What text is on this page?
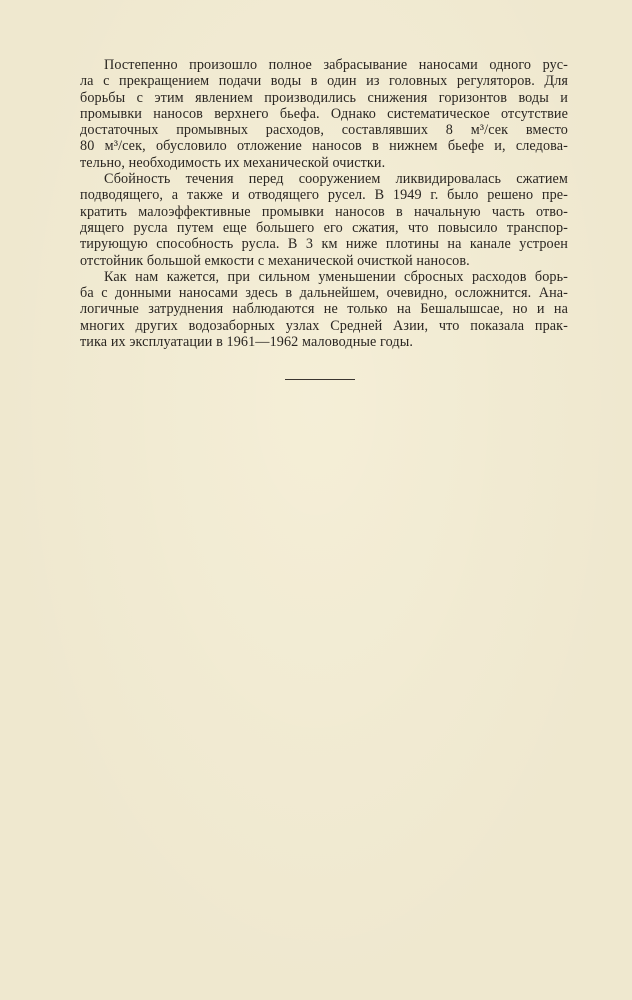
Постепенно произошло полное забрасывание наносами одного рус-
ла с прекращением подачи воды в один из головных регуляторов. Для
борьбы с этим явлением производились снижения горизонтов воды и
промывки наносов верхнего бьефа. Однако систематическое отсутствие
достаточных промывных расходов, составлявших 8 м³/сек вместо
80 м³/сек, обусловило отложение наносов в нижнем бьефе и, следова-
тельно, необходимость их механической очистки.
Сбойность течения перед сооружением ликвидировалась сжатием
подводящего, а также и отводящего русел. В 1949 г. было решено пре-
кратить малоэффективные промывки наносов в начальную часть отво-
дящего русла путем еще большего его сжатия, что повысило транспор-
тирующую способность русла. В 3 км ниже плотины на канале устроен
отстойник большой емкости с механической очисткой наносов.
Как нам кажется, при сильном уменьшении сбросных расходов борь-
ба с донными наносами здесь в дальнейшем, очевидно, осложнится. Ана-
логичные затруднения наблюдаются не только на Бешалышсае, но и на
многих других водозаборных узлах Средней Азии, что показала прак-
тика их эксплуатации в 1961—1962 маловодные годы.
